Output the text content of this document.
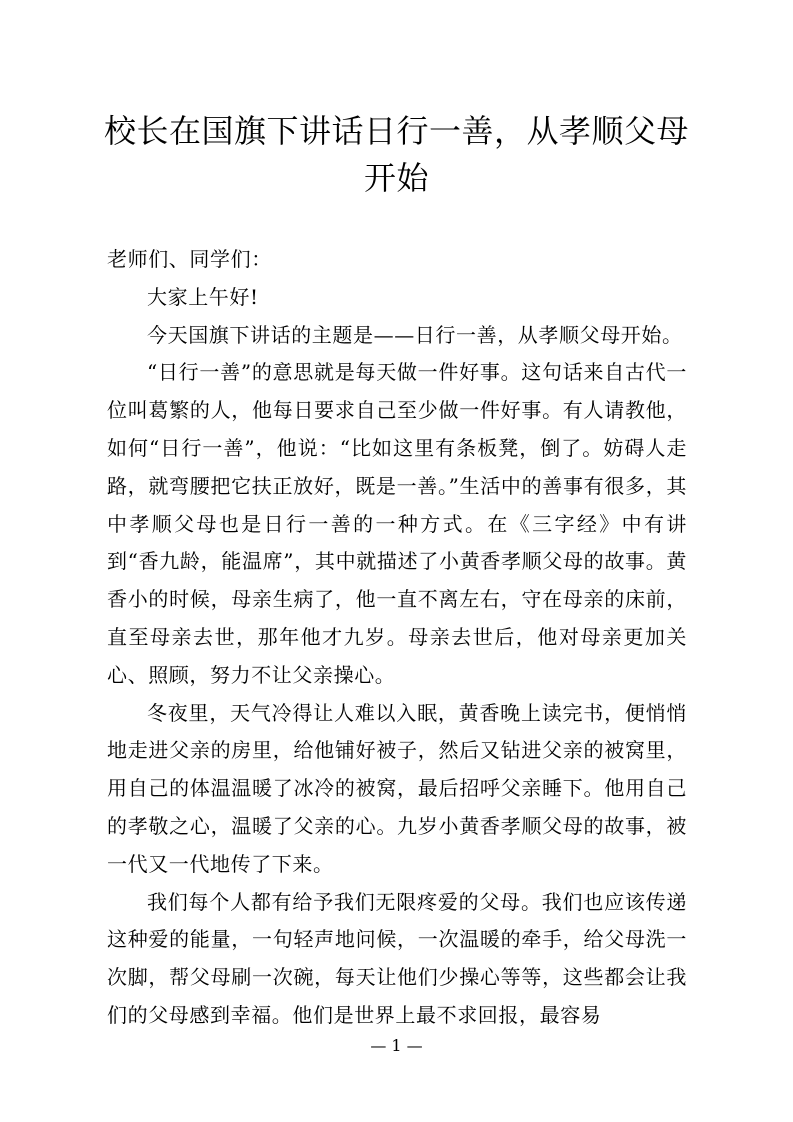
校长在国旗下讲话日行一善，从孝顺父母开始

老师们、同学们：

大家上午好!

今天国旗下讲话的主题是——日行一善，从孝顺父母开始。

“日行一善”的意思就是每天做一件好事。这句话来自古代一位叫葛繁的人，他每日要求自己至少做一件好事。有人请教他，如何“日行一善”，他说：“比如这里有条板凳，倒了。妨碍人走路，就弯腰把它扶正放好，既是一善。”生活中的善事有很多，其中孝顺父母也是日行一善的一种方式。在《三字经》中有讲到“香九龄，能温席”，其中就描述了小黄香孝顺父母的故事。黄香小的时候，母亲生病了，他一直不离左右，守在母亲的床前，直至母亲去世，那年他才九岁。母亲去世后，他对母亲更加关心、照顾，努力不让父亲操心。

冬夜里，天气冷得让人难以入眠，黄香晚上读完书，便悄悄地走进父亲的房里，给他铺好被子，然后又钻进父亲的被窝里，用自己的体温温暖了冰冷的被窝，最后招呼父亲睡下。他用自己的孝敬之心，温暖了父亲的心。九岁小黄香孝顺父母的故事，被一代又一代地传了下来。

我们每个人都有给予我们无限疼爱的父母。我们也应该传递这种爱的能量，一句轻声地问候，一次温暖的牵手，给父母洗一次脚，帮父母刷一次碗，每天让他们少操心等等，这些都会让我们的父母感到幸福。他们是世界上最不求回报，最容易

— 1 —
